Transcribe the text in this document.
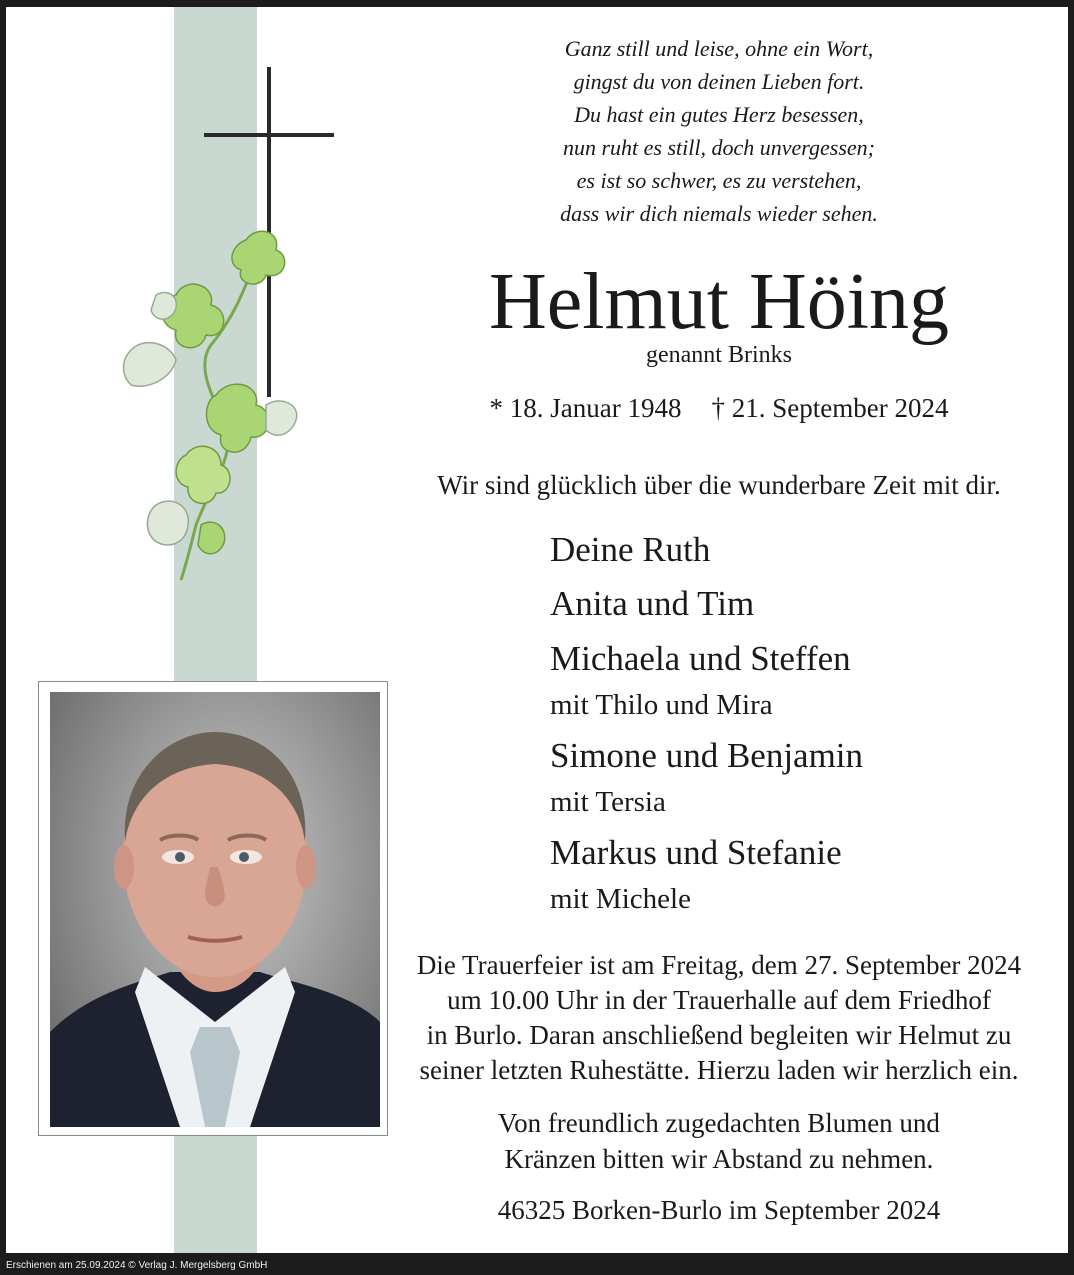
Ganz still und leise, ohne ein Wort,
gingst du von deinen Lieben fort.
Du hast ein gutes Herz besessen,
nun ruht es still, doch unvergessen;
es ist so schwer, es zu verstehen,
dass wir dich niemals wieder sehen.
Helmut Höing
genannt Brinks
* 18. Januar 1948 † 21. September 2024
Wir sind glücklich über die wunderbare Zeit mit dir.
Deine Ruth
Anita und Tim
Michaela und Steffen
mit Thilo und Mira
Simone und Benjamin
mit Tersia
Markus und Stefanie
mit Michele
Die Trauerfeier ist am Freitag, dem 27. September 2024
um 10.00 Uhr in der Trauerhalle auf dem Friedhof
in Burlo. Daran anschließend begleiten wir Helmut zu
seiner letzten Ruhestätte. Hierzu laden wir herzlich ein.
Von freundlich zugedachten Blumen und
Kränzen bitten wir Abstand zu nehmen.
46325 Borken-Burlo im September 2024
Erschienen am 25.09.2024 © Verlag J. Mergelsberg GmbH
